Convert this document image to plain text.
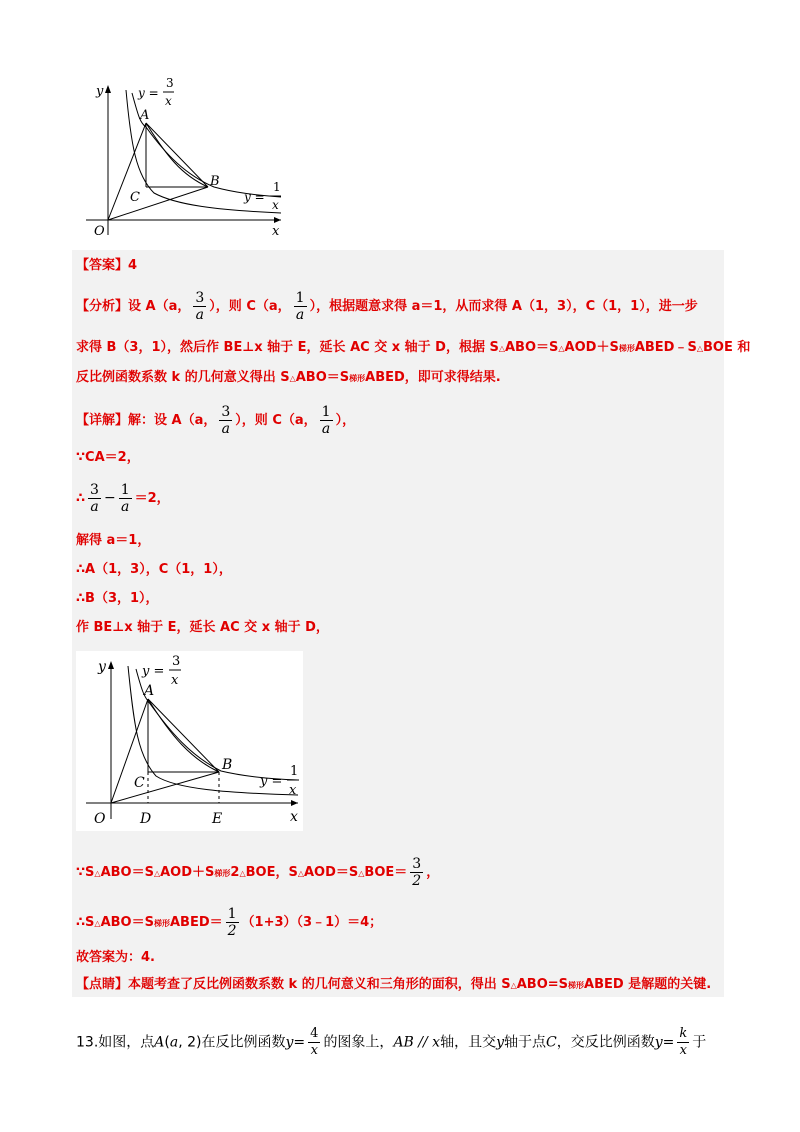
y
x
O
A
B
C
y =
3
x
y =
1
x
【答案】4
【分析】设 A（a， $\frac{3}{a}$ ），则 C（a， $\frac{1}{a}$ ），根据题意求得 a＝1，从而求得 A（1，3），C（1，1），进一步
求得 B（3，1），然后作 BE⊥x 轴于 E，延长 AC 交 x 轴于 D，根据 S△ABO＝S△AOD＋S梯形ABED﹣S△BOE 和
反比例函数系数 k 的几何意义得出 S△ABO＝S梯形ABED，即可求得结果.
【详解】解：设 A（a， $\frac{3}{a}$ ），则 C（a， $\frac{1}{a}$ ），
∵CA＝2，
∴ $\frac{3}{a} - \frac{1}{a} =2$，
解得 a＝1，
∴A（1，3），C（1，1），
∴B（3，1），
作 BE⊥x 轴于 E，延长 AC 交 x 轴于 D，
y
x
O
A
B
C
D	E
y =
3
x
y =
1
x
∵S△ABO＝S△AOD＋S梯形2△BOE，S△AOD＝S△BOE＝ $\frac{3}{2}$ ，
∴S△ABO＝S梯形ABED＝ $\frac{1}{2}$ （1+3）（3﹣1）＝4；
故答案为：4.
【点睛】本题考查了反比例函数系数 k 的几何意义和三角形的面积，得出 S△ABO=S梯形ABED 是解题的关键.
13.如图，点A(a, 2)在反比例函数$y= \frac{4}{x}$ 的图象上，AB // x轴，且交y轴于点C，交反比例函数$y= \frac{k}{x}$ 于
